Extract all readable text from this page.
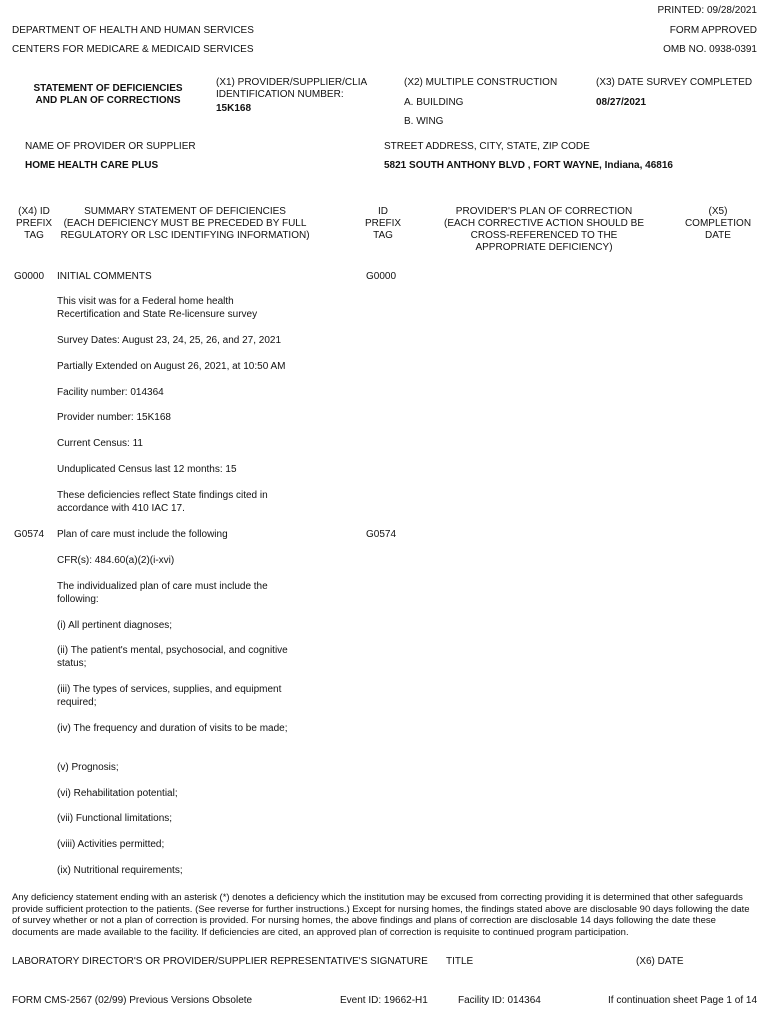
PRINTED: 09/28/2021
DEPARTMENT OF HEALTH AND HUMAN SERVICES	FORM APPROVED
CENTERS FOR MEDICARE & MEDICAID SERVICES	OMB NO. 0938-0391
STATEMENT OF DEFICIENCIES
AND PLAN OF CORRECTIONS
(X1) PROVIDER/SUPPLIER/CLIA
IDENTIFICATION NUMBER:
15K168
(X2) MULTIPLE CONSTRUCTION
A. BUILDING
B. WING
(X3) DATE SURVEY COMPLETED
08/27/2021
NAME OF PROVIDER OR SUPPLIER
HOME HEALTH CARE PLUS
STREET ADDRESS, CITY, STATE, ZIP CODE
5821 SOUTH ANTHONY BLVD , FORT WAYNE, Indiana, 46816
(X4) ID
PREFIX
TAG
SUMMARY STATEMENT OF DEFICIENCIES
(EACH DEFICIENCY MUST BE PRECEDED BY FULL
REGULATORY OR LSC IDENTIFYING INFORMATION)
ID
PREFIX
TAG
PROVIDER'S PLAN OF CORRECTION
(EACH CORRECTIVE ACTION SHOULD BE
CROSS-REFERENCED TO THE
APPROPRIATE DEFICIENCY)
(X5)
COMPLETION
DATE
G0000 INITIAL COMMENTS	G0000
This visit was for a Federal home health Recertification and State Re-licensure survey
Survey Dates: August 23, 24, 25, 26, and 27, 2021
Partially Extended on August 26, 2021, at 10:50 AM
Facility number: 014364
Provider number: 15K168
Current Census: 11
Unduplicated Census last 12 months: 15
These deficiencies reflect State findings cited in accordance with 410 IAC 17.
G0574 Plan of care must include the following	G0574
CFR(s): 484.60(a)(2)(i-xvi)
The individualized plan of care must include the following:
(i) All pertinent diagnoses;
(ii) The patient's mental, psychosocial, and cognitive status;
(iii) The types of services, supplies, and equipment required;
(iv) The frequency and duration of visits to be made;
(v) Prognosis;
(vi) Rehabilitation potential;
(vii) Functional limitations;
(viii) Activities permitted;
(ix) Nutritional requirements;
Any deficiency statement ending with an asterisk (*) denotes a deficiency which the institution may be excused from correcting providing it is determined that other safeguards provide sufficient protection to the patients. (See reverse for further instructions.) Except for nursing homes, the findings stated above are disclosable 90 days following the date of survey whether or not a plan of correction is provided. For nursing homes, the above findings and plans of correction are disclosable 14 days following the date these documents are made available to the facility. If deficiencies are cited, an approved plan of correction is requisite to continued program participation.
LABORATORY DIRECTOR'S OR PROVIDER/SUPPLIER REPRESENTATIVE'S SIGNATURE TITLE	(X6) DATE
FORM CMS-2567 (02/99) Previous Versions Obsolete	Event ID: 19662-H1	Facility ID: 014364	If continuation sheet Page 1 of 14
